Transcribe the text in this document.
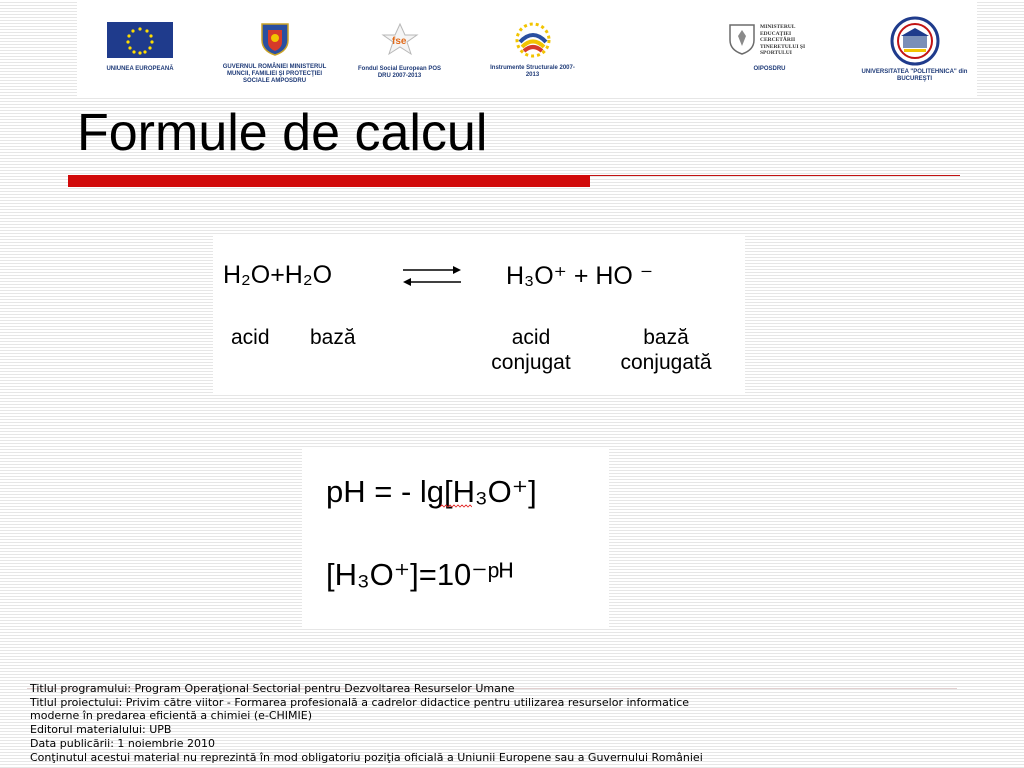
UNIUNEA EUROPEANĂ	GUVERNUL ROMÂNIEI MINISTERUL MUNCII, FAMILIEI ŞI PROTECŢIEI SOCIALE AMPOSDRU
fse
Fondul Social European POS DRU 2007-2013
Instrumente Structurale 2007-2013
MINISTERUL EDUCAŢIEI CERCETĂRII TINERETULUI ŞI SPORTULUI
OIPOSDRU	UNIVERSITATEA "POLITEHNICA" din BUCUREŞTI
Formule de calcul
H₂O+H₂O	H₃O⁺ + HO ⁻
acid bază	acid
conjugat
bază
conjugată
pH = - lg[H₃O⁺]
[H₃O⁺]=10⁻ᵖᴴ
Titlul programului: Program Operaţional Sectorial pentru Dezvoltarea Resurselor Umane
Titlul proiectului: Privim către viitor - Formarea profesională a cadrelor didactice pentru utilizarea resurselor informatice
moderne în predarea eficientă a chimiei (e-CHIMIE)
Editorul materialului: UPB
Data publicării: 1 noiembrie 2010
Conţinutul acestui material nu reprezintă în mod obligatoriu poziţia oficială a Uniunii Europene sau a Guvernului României
